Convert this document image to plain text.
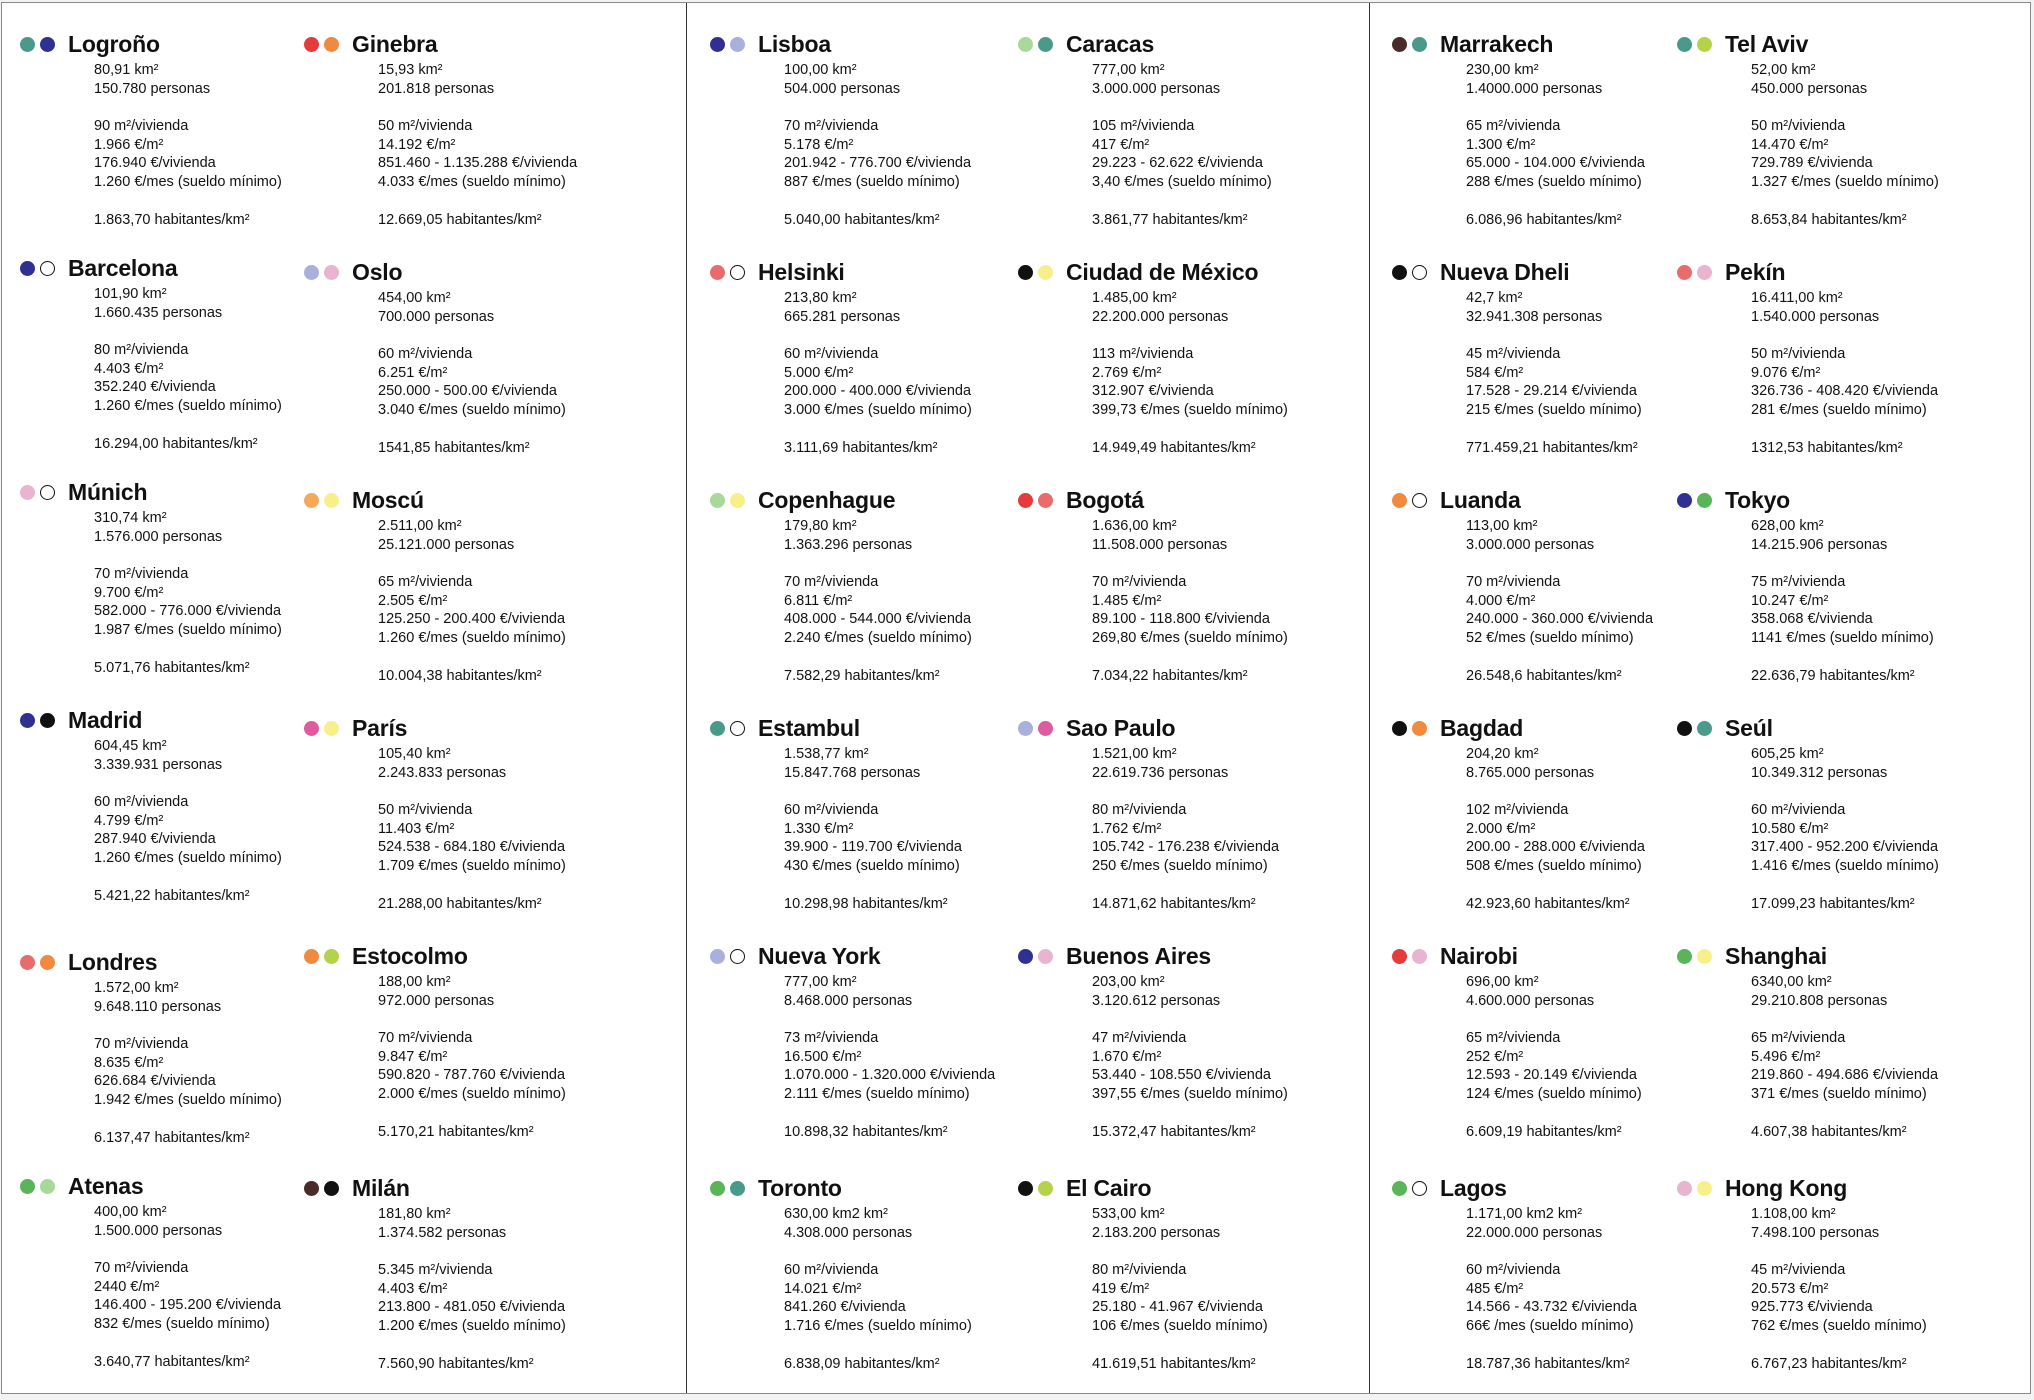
Logroño
80,91 km²
150.780 personas
90 m²/vivienda
1.966 €/m²
176.940 €/vivienda
1.260 €/mes (sueldo mínimo)
1.863,70 habitantes/km²
Barcelona
101,90 km²
1.660.435 personas
80 m²/vivienda
4.403 €/m²
352.240 €/vivienda
1.260 €/mes (sueldo mínimo)
16.294,00 habitantes/km²
Múnich
310,74 km²
1.576.000 personas
70 m²/vivienda
9.700 €/m²
582.000 - 776.000 €/vivienda
1.987 €/mes (sueldo mínimo)
5.071,76 habitantes/km²
Madrid
604,45 km²
3.339.931 personas
60 m²/vivienda
4.799 €/m²
287.940 €/vivienda
1.260 €/mes (sueldo mínimo)
5.421,22 habitantes/km²
Londres
1.572,00 km²
9.648.110 personas
70 m²/vivienda
8.635 €/m²
626.684 €/vivienda
1.942 €/mes (sueldo mínimo)
6.137,47 habitantes/km²
Atenas
400,00 km²
1.500.000 personas
70 m²/vivienda
2440 €/m²
146.400 - 195.200 €/vivienda
832 €/mes (sueldo mínimo)
3.640,77 habitantes/km²
Ginebra
15,93 km²
201.818 personas
50 m²/vivienda
14.192 €/m²
851.460 - 1.135.288 €/vivienda
4.033 €/mes (sueldo mínimo)
12.669,05 habitantes/km²
Oslo
454,00 km²
700.000 personas
60 m²/vivienda
6.251 €/m²
250.000 - 500.00 €/vivienda
3.040 €/mes (sueldo mínimo)
1541,85 habitantes/km²
Moscú
2.511,00 km²
25.121.000 personas
65 m²/vivienda
2.505 €/m²
125.250 - 200.400 €/vivienda
1.260 €/mes (sueldo mínimo)
10.004,38 habitantes/km²
París
105,40 km²
2.243.833 personas
50 m²/vivienda
11.403 €/m²
524.538 - 684.180 €/vivienda
1.709 €/mes (sueldo mínimo)
21.288,00 habitantes/km²
Estocolmo
188,00 km²
972.000 personas
70 m²/vivienda
9.847 €/m²
590.820 - 787.760 €/vivienda
2.000 €/mes (sueldo mínimo)
5.170,21 habitantes/km²
Milán
181,80 km²
1.374.582 personas
5.345 m²/vivienda
4.403 €/m²
213.800 - 481.050 €/vivienda
1.200 €/mes (sueldo mínimo)
7.560,90 habitantes/km²
Lisboa
100,00 km²
504.000 personas
70 m²/vivienda
5.178 €/m²
201.942 - 776.700 €/vivienda
887 €/mes (sueldo mínimo)
5.040,00 habitantes/km²
Helsinki
213,80 km²
665.281 personas
60 m²/vivienda
5.000 €/m²
200.000 - 400.000 €/vivienda
3.000 €/mes (sueldo mínimo)
3.111,69 habitantes/km²
Copenhague
179,80 km²
1.363.296 personas
70 m²/vivienda
6.811 €/m²
408.000 - 544.000 €/vivienda
2.240 €/mes (sueldo mínimo)
7.582,29 habitantes/km²
Estambul
1.538,77 km²
15.847.768 personas
60 m²/vivienda
1.330 €/m²
39.900 - 119.700 €/vivienda
430 €/mes (sueldo mínimo)
10.298,98 habitantes/km²
Nueva York
777,00 km²
8.468.000 personas
73 m²/vivienda
16.500 €/m²
1.070.000 - 1.320.000 €/vivienda
2.111 €/mes (sueldo mínimo)
10.898,32 habitantes/km²
Toronto
630,00 km2 km²
4.308.000 personas
60 m²/vivienda
14.021 €/m²
841.260 €/vivienda
1.716 €/mes (sueldo mínimo)
6.838,09 habitantes/km²
Caracas
777,00 km²
3.000.000 personas
105 m²/vivienda
417 €/m²
29.223 - 62.622 €/vivienda
3,40 €/mes (sueldo mínimo)
3.861,77 habitantes/km²
Ciudad de México
1.485,00 km²
22.200.000 personas
113 m²/vivienda
2.769 €/m²
312.907 €/vivienda
399,73 €/mes (sueldo mínimo)
14.949,49 habitantes/km²
Bogotá
1.636,00 km²
11.508.000 personas
70 m²/vivienda
1.485 €/m²
89.100 - 118.800 €/vivienda
269,80 €/mes (sueldo mínimo)
7.034,22 habitantes/km²
Sao Paulo
1.521,00 km²
22.619.736 personas
80 m²/vivienda
1.762 €/m²
105.742 - 176.238 €/vivienda
250 €/mes (sueldo mínimo)
14.871,62 habitantes/km²
Buenos Aires
203,00 km²
3.120.612 personas
47 m²/vivienda
1.670 €/m²
53.440 - 108.550 €/vivienda
397,55 €/mes (sueldo mínimo)
15.372,47 habitantes/km²
El Cairo
533,00 km²
2.183.200 personas
80 m²/vivienda
419 €/m²
25.180 - 41.967 €/vivienda
106 €/mes (sueldo mínimo)
41.619,51 habitantes/km²
Marrakech
230,00 km²
1.4000.000 personas
65 m²/vivienda
1.300 €/m²
65.000 - 104.000 €/vivienda
288 €/mes (sueldo mínimo)
6.086,96 habitantes/km²
Nueva Dheli
42,7 km²
32.941.308 personas
45 m²/vivienda
584 €/m²
17.528 - 29.214 €/vivienda
215 €/mes (sueldo mínimo)
771.459,21 habitantes/km²
Luanda
113,00 km²
3.000.000 personas
70 m²/vivienda
4.000 €/m²
240.000 - 360.000 €/vivienda
52 €/mes (sueldo mínimo)
26.548,6 habitantes/km²
Bagdad
204,20 km²
8.765.000 personas
102 m²/vivienda
2.000 €/m²
200.00 - 288.000 €/vivienda
508 €/mes (sueldo mínimo)
42.923,60 habitantes/km²
Nairobi
696,00 km²
4.600.000 personas
65 m²/vivienda
252 €/m²
12.593 - 20.149 €/vivienda
124 €/mes (sueldo mínimo)
6.609,19 habitantes/km²
Lagos
1.171,00 km2 km²
22.000.000 personas
60 m²/vivienda
485 €/m²
14.566 - 43.732 €/vivienda
66€ /mes (sueldo mínimo)
18.787,36 habitantes/km²
Tel Aviv
52,00 km²
450.000 personas
50 m²/vivienda
14.470 €/m²
729.789 €/vivienda
1.327 €/mes (sueldo mínimo)
8.653,84 habitantes/km²
Pekín
16.411,00 km²
1.540.000 personas
50 m²/vivienda
9.076 €/m²
326.736 - 408.420 €/vivienda
281 €/mes (sueldo mínimo)
1312,53 habitantes/km²
Tokyo
628,00 km²
14.215.906 personas
75 m²/vivienda
10.247 €/m²
358.068 €/vivienda
1141 €/mes (sueldo mínimo)
22.636,79 habitantes/km²
Seúl
605,25 km²
10.349.312 personas
60 m²/vivienda
10.580 €/m²
317.400 - 952.200 €/vivienda
1.416 €/mes (sueldo mínimo)
17.099,23 habitantes/km²
Shanghai
6340,00 km²
29.210.808 personas
65 m²/vivienda
5.496 €/m²
219.860 - 494.686 €/vivienda
371 €/mes (sueldo mínimo)
4.607,38 habitantes/km²
Hong Kong
1.108,00 km²
7.498.100 personas
45 m²/vivienda
20.573 €/m²
925.773 €/vivienda
762 €/mes (sueldo mínimo)
6.767,23 habitantes/km²
